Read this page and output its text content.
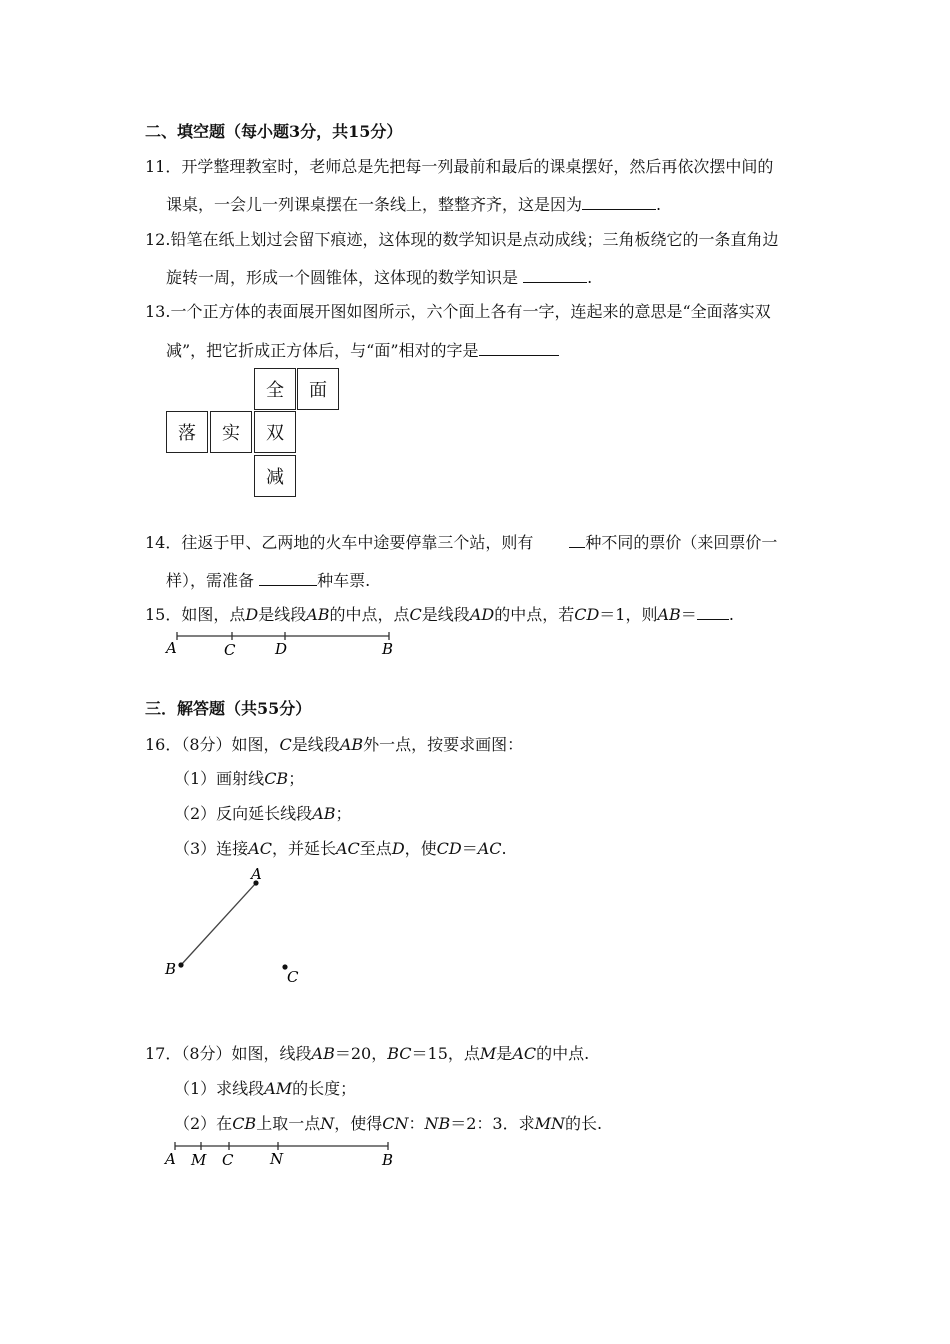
二、填空题（每小题3分，共15分）
11．开学整理教室时，老师总是先把每一列最前和最后的课桌摆好，然后再依次摆中间的
课桌，一会儿一列课桌摆在一条线上，整整齐齐，这是因为	.
12.铅笔在纸上划过会留下痕迹，这体现的数学知识是点动成线；三角板绕它的一条直角边
旋转一周，形成一个圆锥体，这体现的数学知识是	.
13.一个正方体的表面展开图如图所示，六个面上各有一字，连起来的意思是“全面落实双
减”，把它折成正方体后，与“面”相对的字是
全	面
落	实	双
减
14．往返于甲、乙两地的火车中途要停靠三个站，则有	种不同的票价（来回票价一
样），需准备	种车票.
15．如图，点D是线段AB的中点，点C是线段AD的中点，若CD＝1，则AB＝ .
A	C	D	B
三．解答题（共55分）
16．（8分）如图，C是线段AB外一点，按要求画图：
（1）画射线CB；
（2）反向延长线段AB；
（3）连接AC，并延长AC至点D，使CD＝AC.
A
B	C
17．（8分）如图，线段AB＝20，BC＝15，点M是AC的中点.
（1）求线段AM的长度；
（2）在CB上取一点N，使得CN：NB＝2：3．求MN的长.
A M C N	B
